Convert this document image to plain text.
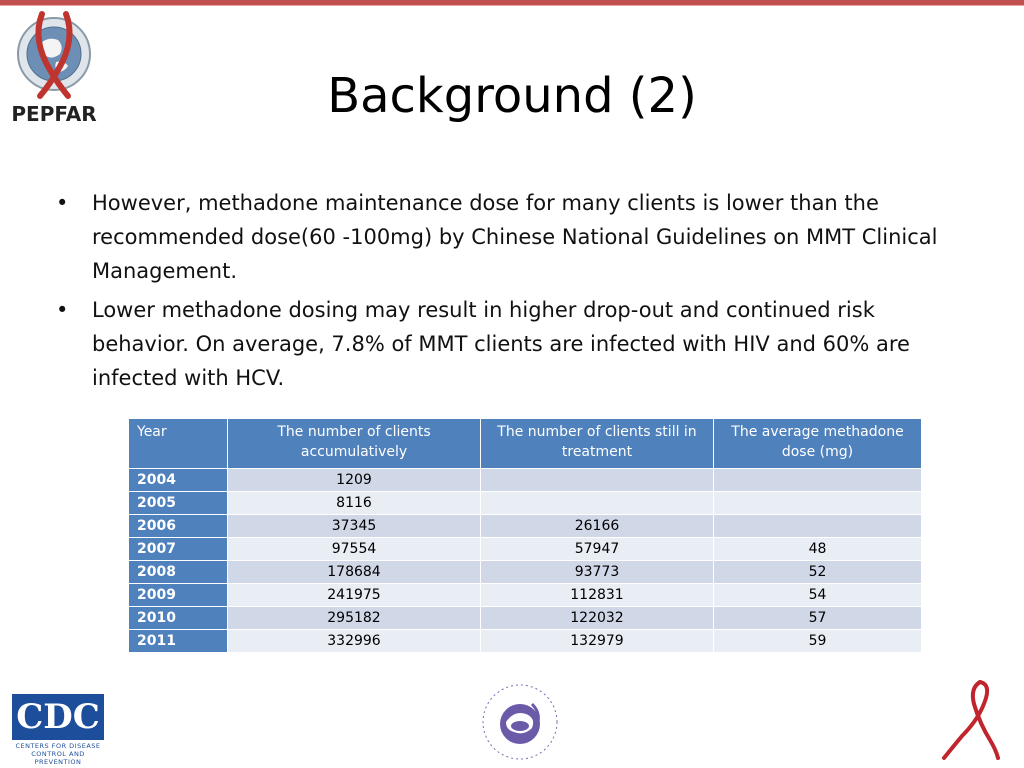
PEPFAR	Background (2)
• However, methadone maintenance dose for many clients is lower than the recommended dose(60 -100mg) by Chinese National Guidelines on MMT Clinical Management.
• Lower methadone dosing may result in higher drop-out and continued risk behavior. On average, 7.8% of MMT clients are infected with HIV and 60% are infected with HCV.
Year	The number of clients accumulatively	The number of clients still in treatment	The average methadone dose (mg)
2004	1209		
2005	8116		
2006	37345	26166	
2007	97554	57947	48
2008	178684	93773	52
2009	241975	112831	54
2010	295182	122032	57
2011	332996	132979	59
CDC
CENTERS FOR DISEASE
CONTROL AND PREVENTION
